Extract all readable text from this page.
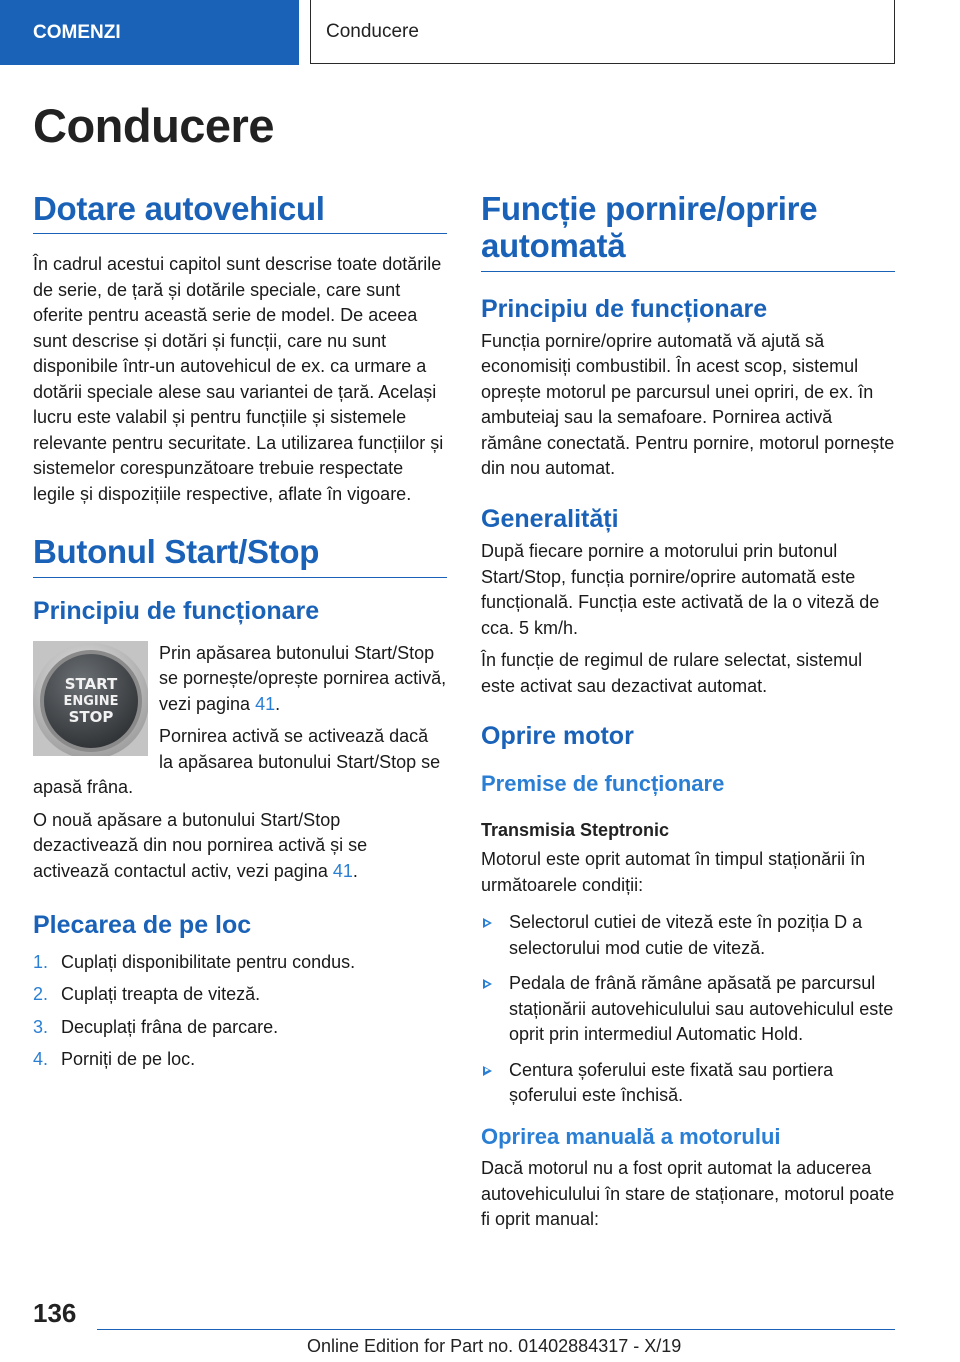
COMENZI	Conducere
Conducere
Dotare autovehicul

În cadrul acestui capitol sunt descrise toate dotările de serie, de țară și dotările speciale, care sunt oferite pentru această serie de model. De aceea sunt descrise și dotări și funcții, care nu sunt disponibile într-un autovehicul de ex. ca urmare a dotării speciale alese sau variantei de țară. Același lucru este valabil și pentru funcțiile și sistemele relevante pentru securitate. La utilizarea funcțiilor și sistemelor corespunzătoare trebuie respectate legile și dispozițiile respective, aflate în vigoare.

Butonul Start/Stop
Principiu de funcționare
START
ENGINE
STOP

Prin apăsarea butonului Start/Stop se pornește/oprește pornirea activă, vezi pagina 41.

Pornirea activă se activează dacă la apăsarea butonului Start/Stop se apasă frâna.

O nouă apăsare a butonului Start/Stop dezactivează din nou pornirea activă și se activează contactul activ, vezi pagina 41.

Plecarea de pe loc
1. Cuplați disponibilitate pentru condus.
2. Cuplați treapta de viteză.
3. Decuplați frâna de parcare.
4. Porniți de pe loc.
Funcție pornire/oprire automată
Principiu de funcționare

Funcția pornire/oprire automată vă ajută să economisiți combustibil. În acest scop, sistemul oprește motorul pe parcursul unei opriri, de ex. în ambuteiaj sau la semafoare. Pornirea activă rămâne conectată. Pentru pornire, motorul pornește din nou automat.

Generalități

După fiecare pornire a motorului prin butonul Start/Stop, funcția pornire/oprire automată este funcțională. Funcția este activată de la o viteză de cca. 5 km/h.

În funcție de regimul de rulare selectat, sistemul este activat sau dezactivat automat.

Oprire motor
Premise de funcționare
Transmisia Steptronic

Motorul este oprit automat în timpul staționării în următoarele condiții:

Selectorul cutiei de viteză este în poziția D a selectorului mod cutie de viteză.
Pedala de frână rămâne apăsată pe parcursul staționării autovehiculului sau autovehiculul este oprit prin intermediul Automatic Hold.
Centura șoferului este fixată sau portiera șoferului este închisă.
Oprirea manuală a motorului

Dacă motorul nu a fost oprit automat la aducerea autovehiculului în stare de staționare, motorul poate fi oprit manual:

136
Online Edition for Part no. 01402884317 - X/19
